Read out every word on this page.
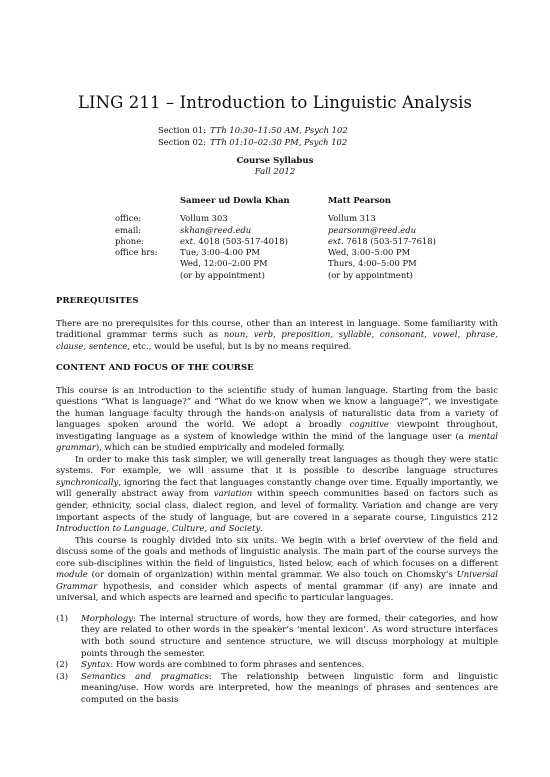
LING 211 – Introduction to Linguistic Analysis
Section 01: TTh 10:30–11:50 AM, Psych 102
Section 02: TTh 01:10–02:30 PM, Psych 102
Course Syllabus
Fall 2012
	Sameer ud Dowla Khan	Matt Pearson
office:	Vollum 303	Vollum 313
email:	skhan@reed.edu	pearsonm@reed.edu
phone:	ext. 4018 (503-517-4018)	ext. 7618 (503-517-7618)
office hrs:	Tue, 3:00–4:00 PM	Wed, 3:00–5:00 PM
	Wed, 12:00–2:00 PM	Thurs, 4:00–5:00 PM
	(or by appointment)	(or by appointment)
PREREQUISITES

There are no prerequisites for this course, other than an interest in language. Some familiarity with traditional grammar terms such as noun, verb, preposition, syllable, consonant, vowel, phrase, clause, sentence, etc., would be useful, but is by no means required.

CONTENT AND FOCUS OF THE COURSE

This course is an introduction to the scientific study of human language. Starting from the basic questions “What is language?” and “What do we know when we know a language?”, we investigate the human language faculty through the hands-on analysis of naturalistic data from a variety of languages spoken around the world. We adopt a broadly cognitive viewpoint throughout, investigating language as a system of knowledge within the mind of the language user (a mental grammar), which can be studied empirically and modeled formally.

In order to make this task simpler, we will generally treat languages as though they were static systems. For example, we will assume that it is possible to describe language structures synchronically, ignoring the fact that languages constantly change over time. Equally importantly, we will generally abstract away from variation within speech communities based on factors such as gender, ethnicity, social class, dialect region, and level of formality. Variation and change are very important aspects of the study of language, but are covered in a separate course, Linguistics 212 Introduction to Language, Culture, and Society.

This course is roughly divided into six units. We begin with a brief overview of the field and discuss some of the goals and methods of linguistic analysis. The main part of the course surveys the core sub-disciplines within the field of linguistics, listed below, each of which focuses on a different module (or domain of organization) within mental grammar. We also touch on Chomsky’s Universal Grammar hypothesis, and consider which aspects of mental grammar (if any) are innate and universal, and which aspects are learned and specific to particular languages.

(1)	Morphology: The internal structure of words, how they are formed, their categories, and how they are related to other words in the speaker’s ‘mental lexicon’. As word structure interfaces with both sound structure and sentence structure, we will discuss morphology at multiple points through the semester.
(2)	Syntax: How words are combined to form phrases and sentences.
(3)	Semantics and pragmatics: The relationship between linguistic form and linguistic meaning/use. How words are interpreted, how the meanings of phrases and sentences are computed on the basis
